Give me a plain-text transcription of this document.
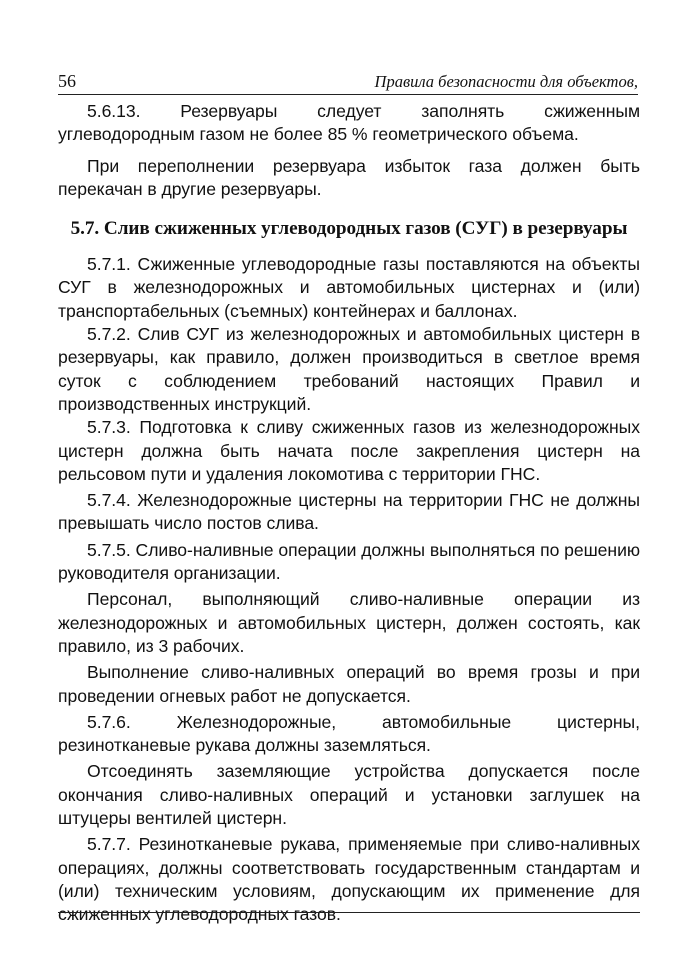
56	Правила безопасности для объектов,

5.6.13. Резервуары следует заполнять сжиженным углеводородным газом не более 85 % геометрического объема.

При переполнении резервуара избыток газа должен быть перекачан в другие резервуары.

5.7. Слив сжиженных углеводородных газов (СУГ) в резервуары

5.7.1. Сжиженные углеводородные газы поставляются на объекты СУГ в железнодорожных и автомобильных цистернах и (или) транспортабельных (съемных) контейнерах и баллонах.

5.7.2. Слив СУГ из железнодорожных и автомобильных цистерн в резервуары, как правило, должен производиться в светлое время суток с соблюдением требований настоящих Правил и производственных инструкций.

5.7.3. Подготовка к сливу сжиженных газов из железнодорожных цистерн должна быть начата после закрепления цистерн на рельсовом пути и удаления локомотива с территории ГНС.

5.7.4. Железнодорожные цистерны на территории ГНС не должны превышать число постов слива.

5.7.5. Сливо-наливные операции должны выполняться по решению руководителя организации.

Персонал, выполняющий сливо-наливные операции из железнодорожных и автомобильных цистерн, должен состоять, как правило, из 3 рабочих.

Выполнение сливо-наливных операций во время грозы и при проведении огневых работ не допускается.

5.7.6. Железнодорожные, автомобильные цистерны, резинотканевые рукава должны заземляться.

Отсоединять заземляющие устройства допускается после окончания сливо-наливных операций и установки заглушек на штуцеры вентилей цистерн.

5.7.7. Резинотканевые рукава, применяемые при сливо-наливных операциях, должны соответствовать государственным стандартам и (или) техническим условиям, допускающим их применение для сжиженных углеводородных газов.
